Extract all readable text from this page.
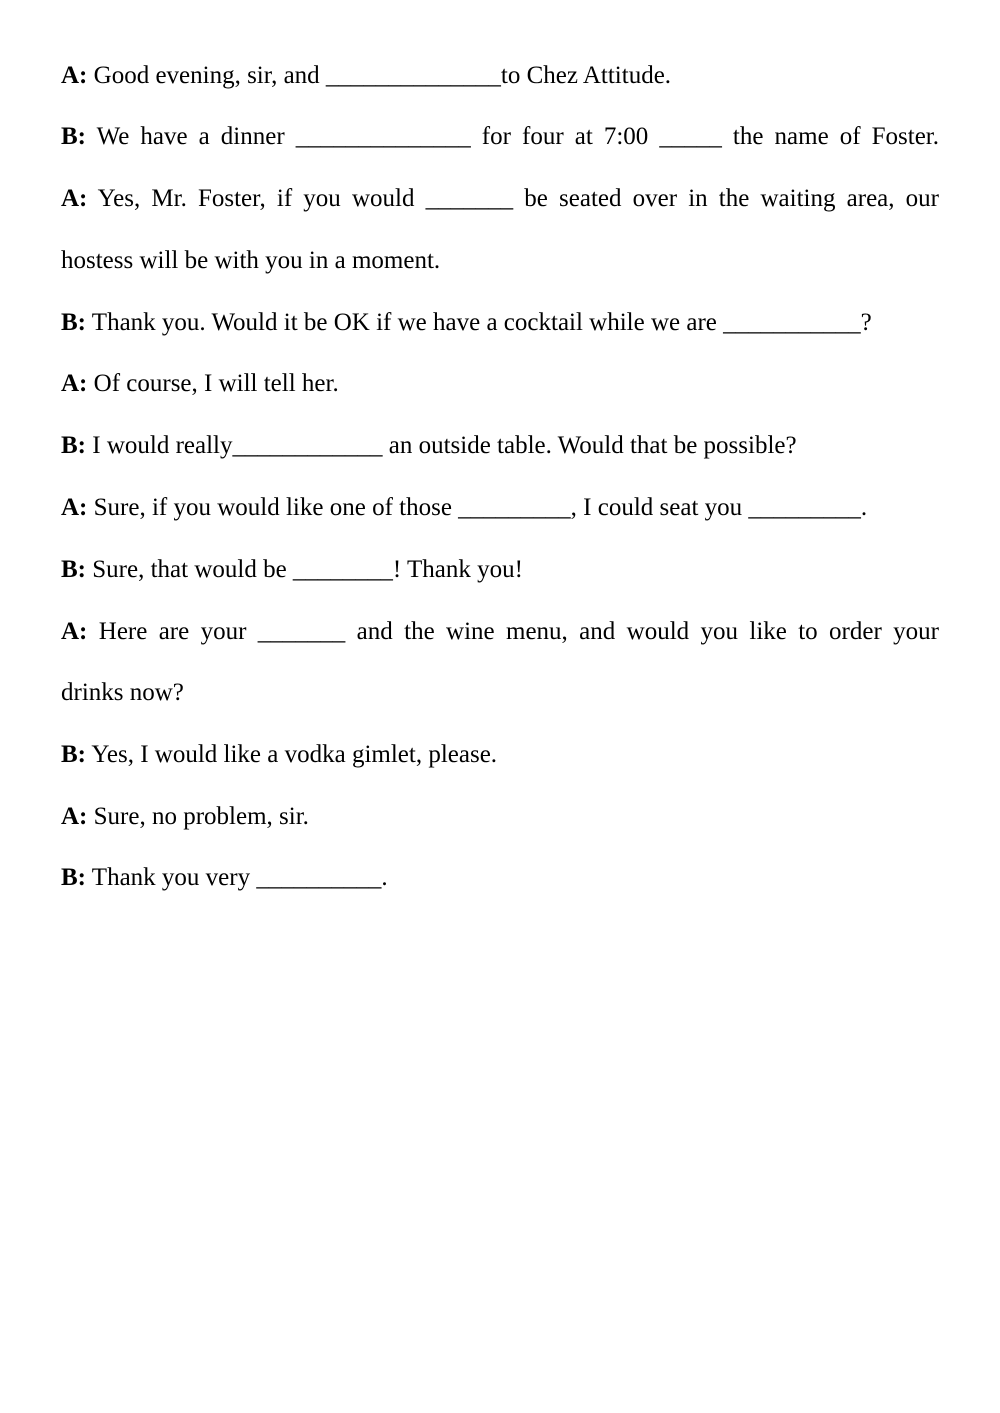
A: Good evening, sir, and ______________to Chez Attitude.
B: We have a dinner ______________ for four at 7:00 _____ the name of Foster.
A: Yes, Mr. Foster, if you would _______ be seated over in the waiting area, our
hostess will be with you in a moment.
B: Thank you. Would it be OK if we have a cocktail while we are ___________?
A: Of course, I will tell her.
B: I would really____________ an outside table. Would that be possible?
A: Sure, if you would like one of those _________, I could seat you _________.
B: Sure, that would be ________! Thank you!
A: Here are your _______ and the wine menu, and would you like to order your
drinks now?
B: Yes, I would like a vodka gimlet, please.
A: Sure, no problem, sir.
B: Thank you very __________.
